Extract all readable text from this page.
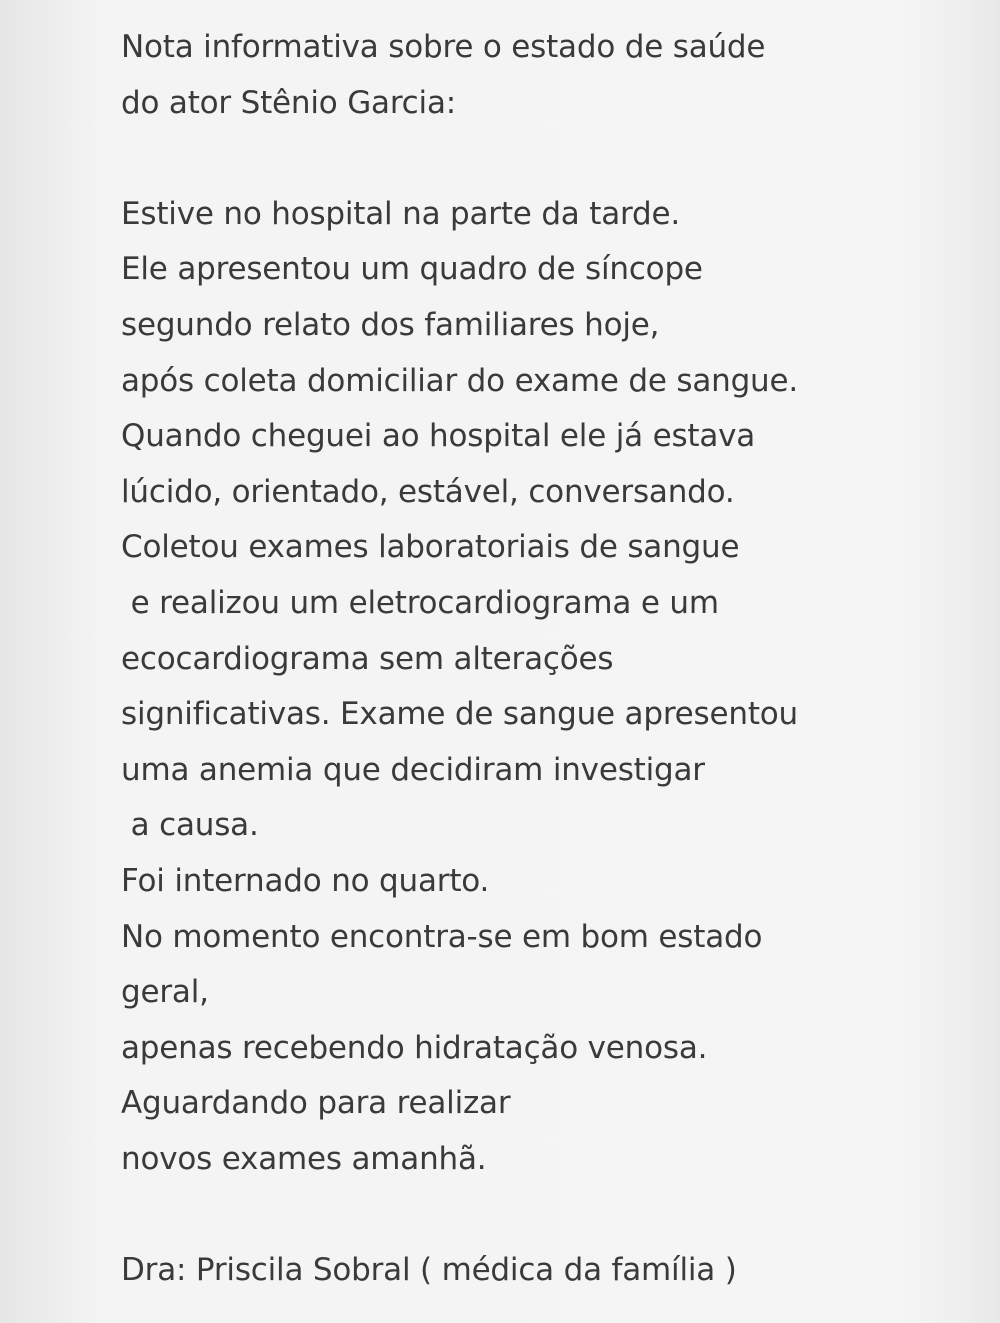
Nota informativa sobre o estado de saúde
do ator Stênio Garcia:
Estive no hospital na parte da tarde.
Ele apresentou um quadro de síncope
segundo relato dos familiares hoje,
após coleta domiciliar do exame de sangue.
Quando cheguei ao hospital ele já estava
lúcido, orientado, estável, conversando.
Coletou exames laboratoriais de sangue
e realizou um eletrocardiograma e um
ecocardiograma sem alterações
significativas. Exame de sangue apresentou
uma anemia que decidiram investigar
a causa.
Foi internado no quarto.
No momento encontra-se em bom estado
geral,
apenas recebendo hidratação venosa.
Aguardando para realizar
novos exames amanhã.
Dra: Priscila Sobral ( médica da família )
